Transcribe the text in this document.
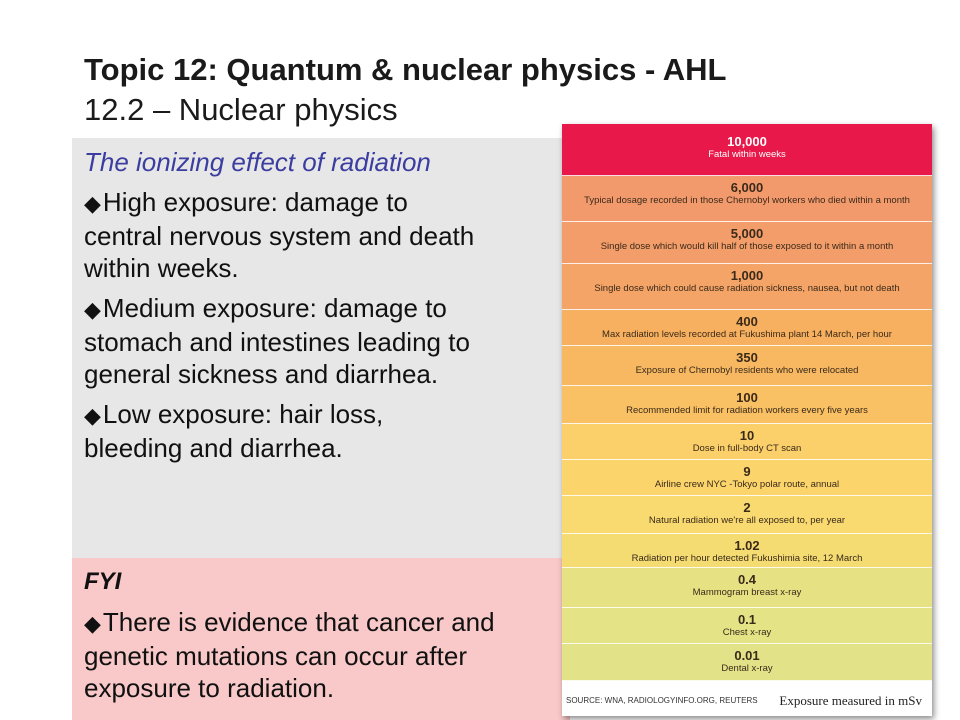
Topic 12: Quantum & nuclear physics - AHL
12.2 – Nuclear physics
The ionizing effect of radiation
◆High exposure: damage to central nervous system and death within weeks.
◆Medium exposure: damage to stomach and intestines leading to general sickness and diarrhea.
◆Low exposure: hair loss, bleeding and diarrhea.
FYI
◆There is evidence that cancer and genetic mutations can occur after exposure to radiation.
10,000
Fatal within weeks
6,000
Typical dosage recorded in those Chernobyl workers who died within a month
5,000
Single dose which would kill half of those exposed to it within a month
1,000
Single dose which could cause radiation sickness, nausea, but not death
400
Max radiation levels recorded at Fukushima plant 14 March, per hour
350
Exposure of Chernobyl residents who were relocated
100
Recommended limit for radiation workers every five years
10
Dose in full-body CT scan
9
Airline crew NYC -Tokyo polar route, annual
2
Natural radiation we're all exposed to, per year
1.02
Radiation per hour detected Fukushimia site, 12 March
0.4
Mammogram breast x-ray
0.1
Chest x-ray
0.01
Dental x-ray
SOURCE: WNA, RADIOLOGYINFO.ORG, REUTERS Exposure measured in mSv
